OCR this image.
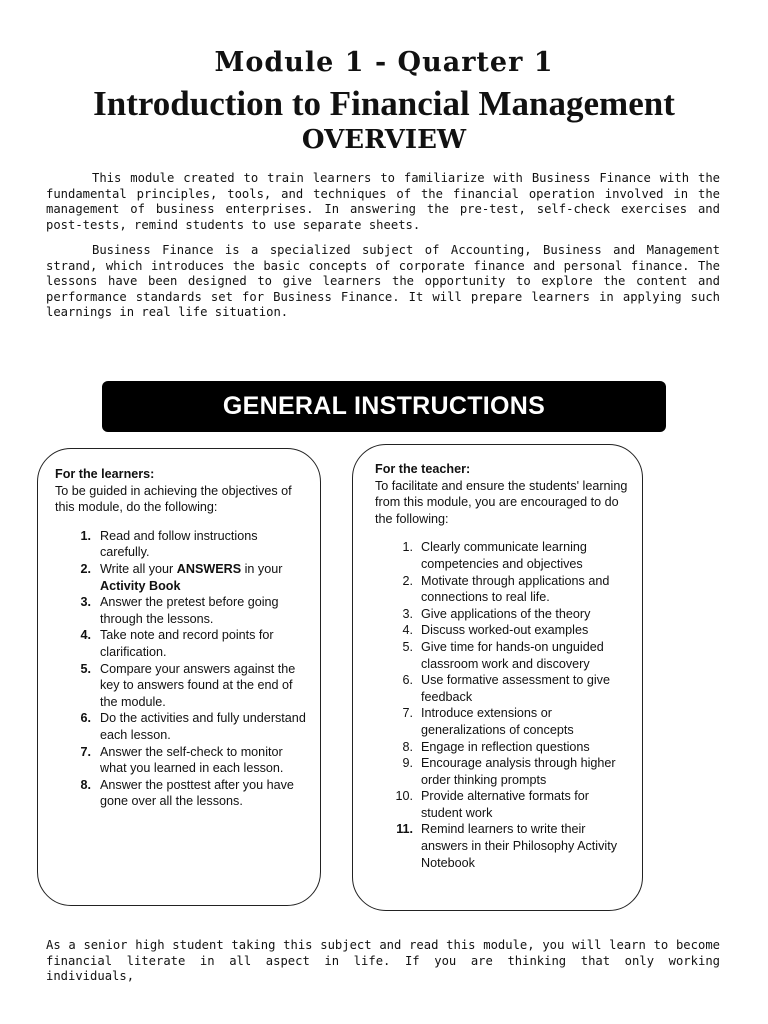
Module 1 - Quarter 1
Introduction to Financial Management
OVERVIEW

This module created to train learners to familiarize with Business Finance with the fundamental principles, tools, and techniques of the financial operation involved in the management of business enterprises. In answering the pre-test, self-check exercises and post-tests, remind students to use separate sheets.

Business Finance is a specialized subject of Accounting, Business and Management strand, which introduces the basic concepts of corporate finance and personal finance. The lessons have been designed to give learners the opportunity to explore the content and performance standards set for Business Finance. It will prepare learners in applying such learnings in real life situation.

GENERAL INSTRUCTIONS
For the learners:

To be guided in achieving the objectives of this module, do the following:

1. Read and follow instructions carefully.
2. Write all your ANSWERS in your Activity Book
3. Answer the pretest before going through the lessons.
4. Take note and record points for clarification.
5. Compare your answers against the key to answers found at the end of the module.
6. Do the activities and fully understand each lesson.
7. Answer the self-check to monitor what you learned in each lesson.
8. Answer the posttest after you have gone over all the lessons.
For the teacher:

To facilitate and ensure the students' learning from this module, you are encouraged to do the following:

1. Clearly communicate learning competencies and objectives
2. Motivate through applications and connections to real life.
3. Give applications of the theory
4. Discuss worked-out examples
5. Give time for hands-on unguided classroom work and discovery
6. Use formative assessment to give feedback
7. Introduce extensions or generalizations of concepts
8. Engage in reflection questions
9. Encourage analysis through higher order thinking prompts
10. Provide alternative formats for student work
11. Remind learners to write their answers in their Philosophy Activity Notebook

As a senior high student taking this subject and read this module, you will learn to become financial literate in all aspect in life. If you are thinking that only working individuals,
